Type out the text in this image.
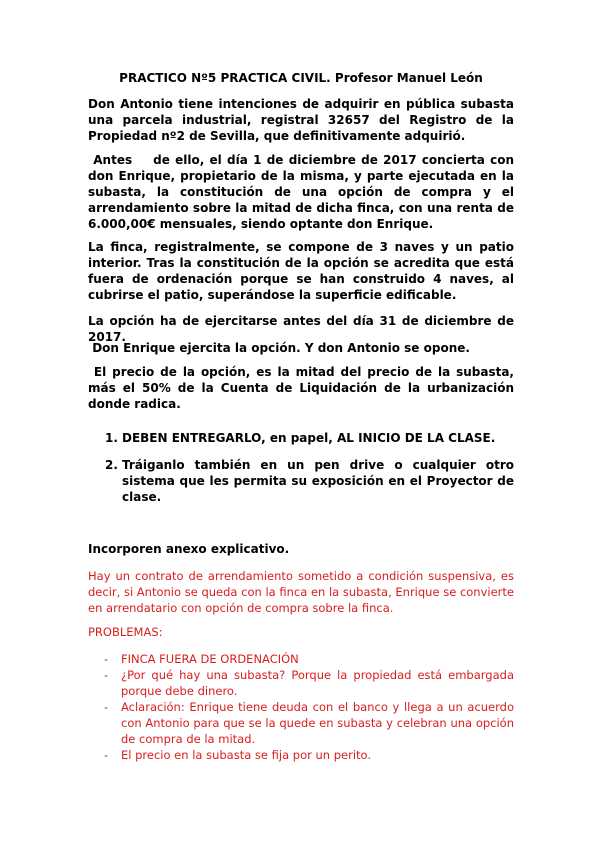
PRACTICO Nº5 PRACTICA CIVIL. Profesor Manuel León
Don Antonio tiene intenciones de adquirir en pública subasta una parcela industrial, registral 32657 del Registro de la Propiedad nº2 de Sevilla, que definitivamente adquirió.
Antes    de ello, el día 1 de diciembre de 2017 concierta con don Enrique, propietario de la misma, y parte ejecutada en la subasta, la constitución de una opción de compra y el arrendamiento sobre la mitad de dicha finca, con una renta de 6.000,00€ mensuales, siendo optante don Enrique.
La finca, registralmente, se compone de 3 naves y un patio interior. Tras la constitución de la opción se acredita que está fuera de ordenación porque se han construido 4 naves, al cubrirse el patio, superándose la superficie edificable.
La opción ha de ejercitarse antes del día 31 de diciembre de 2017.
Don Enrique ejercita la opción. Y don Antonio se opone.
El precio de la opción, es la mitad del precio de la subasta, más el 50% de la Cuenta de Liquidación de la urbanización donde radica.
1. DEBEN ENTREGARLO, en papel, AL INICIO DE LA CLASE.
2. Tráiganlo también en un pen drive o cualquier otro sistema que les permita su exposición en el Proyector de clase.
Incorporen anexo explicativo.
Hay un contrato de arrendamiento sometido a condición suspensiva, es decir, si Antonio se queda con la finca en la subasta, Enrique se convierte en arrendatario con opción de compra sobre la finca.
PROBLEMAS:
- FINCA FUERA DE ORDENACIÓN
- ¿Por qué hay una subasta? Porque la propiedad está embargada porque debe dinero.
- Aclaración: Enrique tiene deuda con el banco y llega a un acuerdo con Antonio para que se la quede en subasta y celebran una opción de compra de la mitad.
- El precio en la subasta se fija por un perito.
